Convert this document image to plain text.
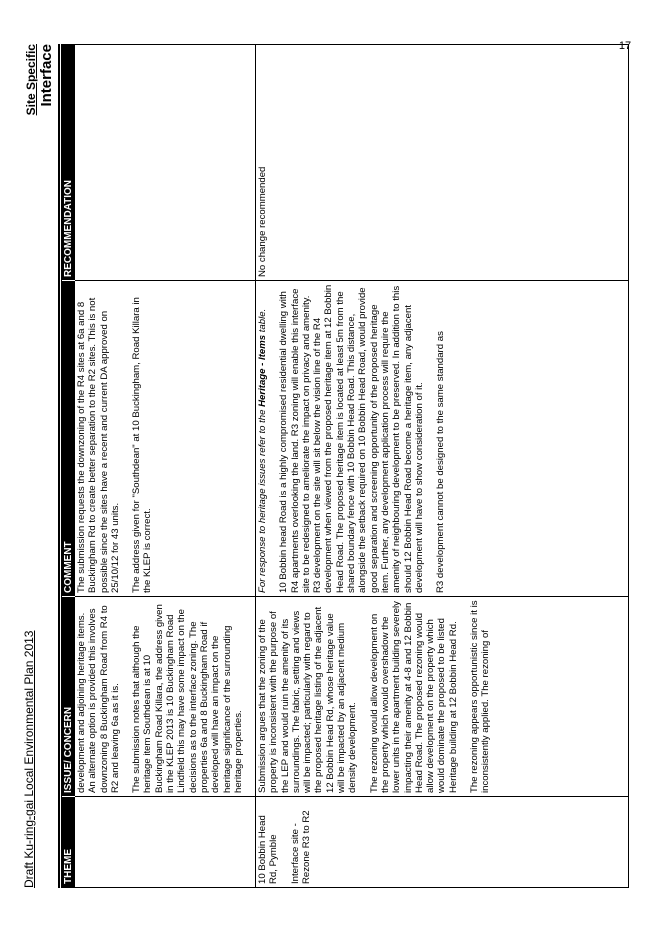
17
Draft Ku-ring-gai Local Environmental Plan 2013
Site Specific Interface
THEME
ISSUE/ CONCERN
COMMENT
RECOMMENDATION

development and adjoining heritage items. An alternate option is provided this involves downzoning 8 Buckingham Road from R4 to R2 and leaving 6a as it is. The submission notes that although the heritage item Southdean is at 10 Buckingham Road Killara, the address given in the KLEP 2013 is 10 Buckingham Road Lindfield this may have some impact on the decisions as to the interface zoning. The properties 6a and 8 Buckingham Road if developed will have an impact on the heritage significance of the surrounding heritage properties.

The submission requests the downzoning of the R4 sites at 6a and 8 Buckingham Rd to create better separation to the R2 sites. This is not possible since the sites have a recent and current DA approved on 25/10/12 for 43 units. The address given for "Southdean" at 10 Buckingham, Road Killara in the KLEP is correct.

10 Bobbin Head Rd, Pymble Interface site - Rezone R3 to R2

Submission argues that the zoning of the property is inconsistent with the purpose of the LEP and would ruin the amenity of its surroundings. The fabric, setting and views will be impacted; particularly with regard to the proposed heritage listing of the adjacent 12 Bobbin Head Rd, whose heritage value will be impacted by an adjacent medium density development. The rezoning would allow development on the property which would overshadow the lower units in the apartment building severely impacting their amenity at 4-8 and 12 Bobbin Head Road. The proposed rezoning would allow development on the property which would dominate the proposed to be listed Heritage building at 12 Bobbin Head Rd. The rezoning appears opportunistic since it is inconsistently applied. The rezoning of

For response to heritage issues refer to the Heritage - Items table. 10 Bobbin head Road is a highly compromised residential dwelling with R4 apartments overlooking the land. R3 zoning will enable this interface site to be redesigned to ameliorate the impact on privacy and amenity. R3 development on the site will sit below the vision line of the R4 development when viewed from the proposed heritage item at 12 Bobbin Head Road. The proposed heritage item is located at least 5m from the shared boundary fence with 10 Bobbin Head Road. This distance, alongside the setback required on 10 Bobbin Head Road, would provide good separation and screening opportunity of the proposed heritage item. Further, any development application process will require the amenity of neighbouring development to be preserved. In addition to this should 12 Bobbin Head Road become a heritage item, any adjacent development will have to show consideration of it. R3 development cannot be designed to the same standard as

No change recommended
